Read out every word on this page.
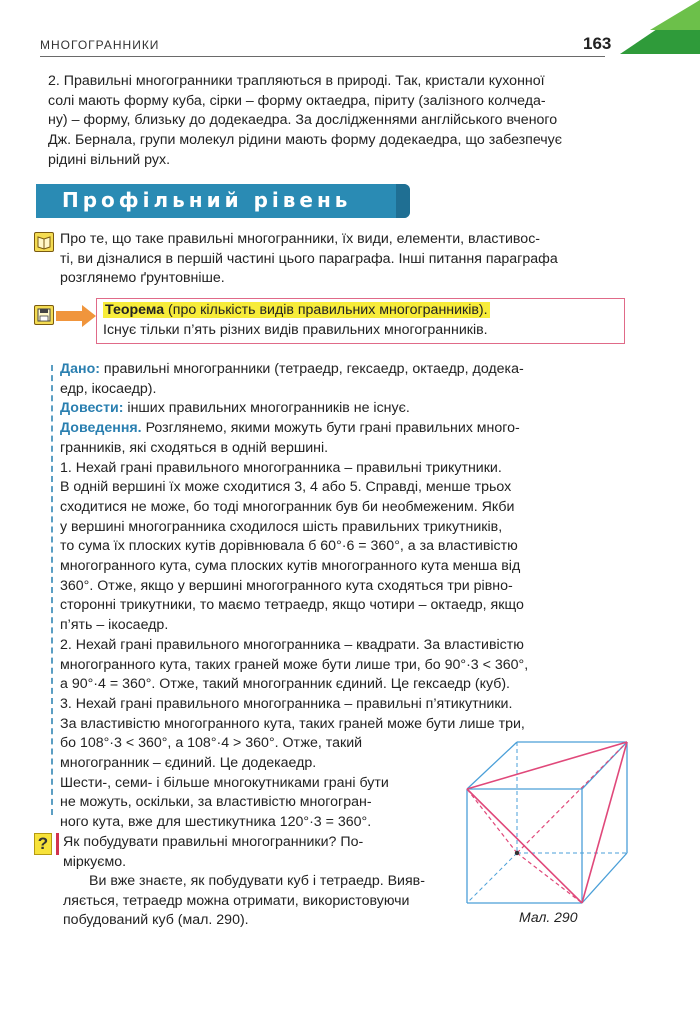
МНОГОГРАННИКИ	163
2. Правильні многогранники трапляються в природі. Так, кристали кухонної
солі мають форму куба, сірки – форму октаедра, піриту (залізного колчеда-
ну) – форму, близьку до додекаедра. За дослідженнями англійського вченого
Дж. Бернала, групи молекул рідини мають форму додекаедра, що забезпечує
рідині вільний рух.
Профільний рівень
Про те, що таке правильні многогранники, їх види, елементи, властивос-
ті, ви дізналися в першій частині цього параграфа. Інші питання параграфа
розглянемо ґрунтовніше.
Теорема (про кількість видів правильних многогранників).
Існує тільки п’ять різних видів правильних многогранників.
Дано: правильні многогранники (тетраедр, гексаедр, октаедр, додека-
едр, ікосаедр).
Довести: інших правильних многогранників не існує.
Доведення. Розглянемо, якими можуть бути грані правильних много-
гранників, які сходяться в одній вершині.
1. Нехай грані правильного многогранника – правильні трикутники.
В одній вершині їх може сходитися 3, 4 або 5. Справді, менше трьох
сходитися не може, бо тоді многогранник був би необмеженим. Якби
у вершині многогранника сходилося шість правильних трикутників,
то сума їх плоских кутів дорівнювала б 60°·6 = 360°, а за властивістю
многогранного кута, сума плоских кутів многогранного кута менша від
360°. Отже, якщо у вершині многогранного кута сходяться три рівно-
сторонні трикутники, то маємо тетраедр, якщо чотири – октаедр, якщо
п’ять – ікосаедр.
2. Нехай грані правильного многогранника – квадрати. За властивістю
многогранного кута, таких граней може бути лише три, бо 90°·3 < 360°,
а 90°·4 = 360°. Отже, такий многогранник єдиний. Це гексаедр (куб).
3. Нехай грані правильного многогранника – правильні п’ятикутники.
За властивістю многогранного кута, таких граней може бути лише три,
бо 108°·3 < 360°, а 108°·4 > 360°. Отже, такий
многогранник – єдиний. Це додекаедр.
Шести-, семи- і більше многокутниками грані бути
не можуть, оскільки, за властивістю многогран-
ного кута, вже для шестикутника 120°·3 = 360°.
? Як побудувати правильні многогранники? По-
міркуємо.
Ви вже знаєте, як побудувати куб і тетраедр. Вияв-
ляється, тетраедр можна отримати, використовуючи
побудований куб (мал. 290).	Мал. 290
